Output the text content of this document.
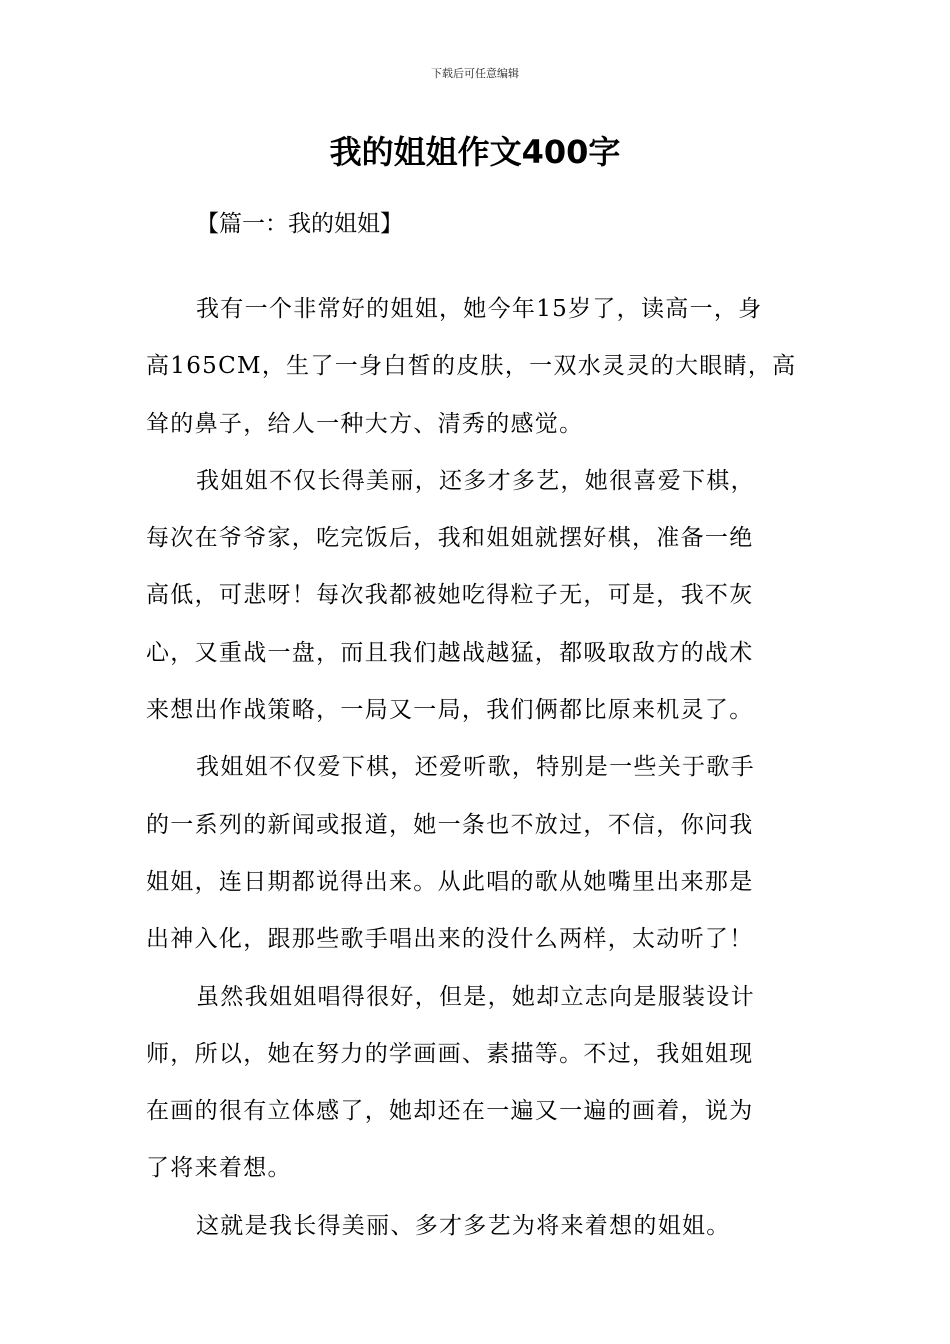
下载后可任意编辑
我的姐姐作文400字
【篇一：我的姐姐】
我有一个非常好的姐姐，她今年15岁了，读高一，身
高165CM，生了一身白皙的皮肤，一双水灵灵的大眼睛，高
耸的鼻子，给人一种大方、清秀的感觉。
我姐姐不仅长得美丽，还多才多艺，她很喜爱下棋，
每次在爷爷家，吃完饭后，我和姐姐就摆好棋，准备一绝
高低，可悲呀！每次我都被她吃得粒子无，可是，我不灰
心，又重战一盘，而且我们越战越猛，都吸取敌方的战术
来想出作战策略，一局又一局，我们俩都比原来机灵了。
我姐姐不仅爱下棋，还爱听歌，特别是一些关于歌手
的一系列的新闻或报道，她一条也不放过，不信，你问我
姐姐，连日期都说得出来。从此唱的歌从她嘴里出来那是
出神入化，跟那些歌手唱出来的没什么两样，太动听了！
虽然我姐姐唱得很好，但是，她却立志向是服装设计
师，所以，她在努力的学画画、素描等。不过，我姐姐现
在画的很有立体感了，她却还在一遍又一遍的画着，说为
了将来着想。
这就是我长得美丽、多才多艺为将来着想的姐姐。
